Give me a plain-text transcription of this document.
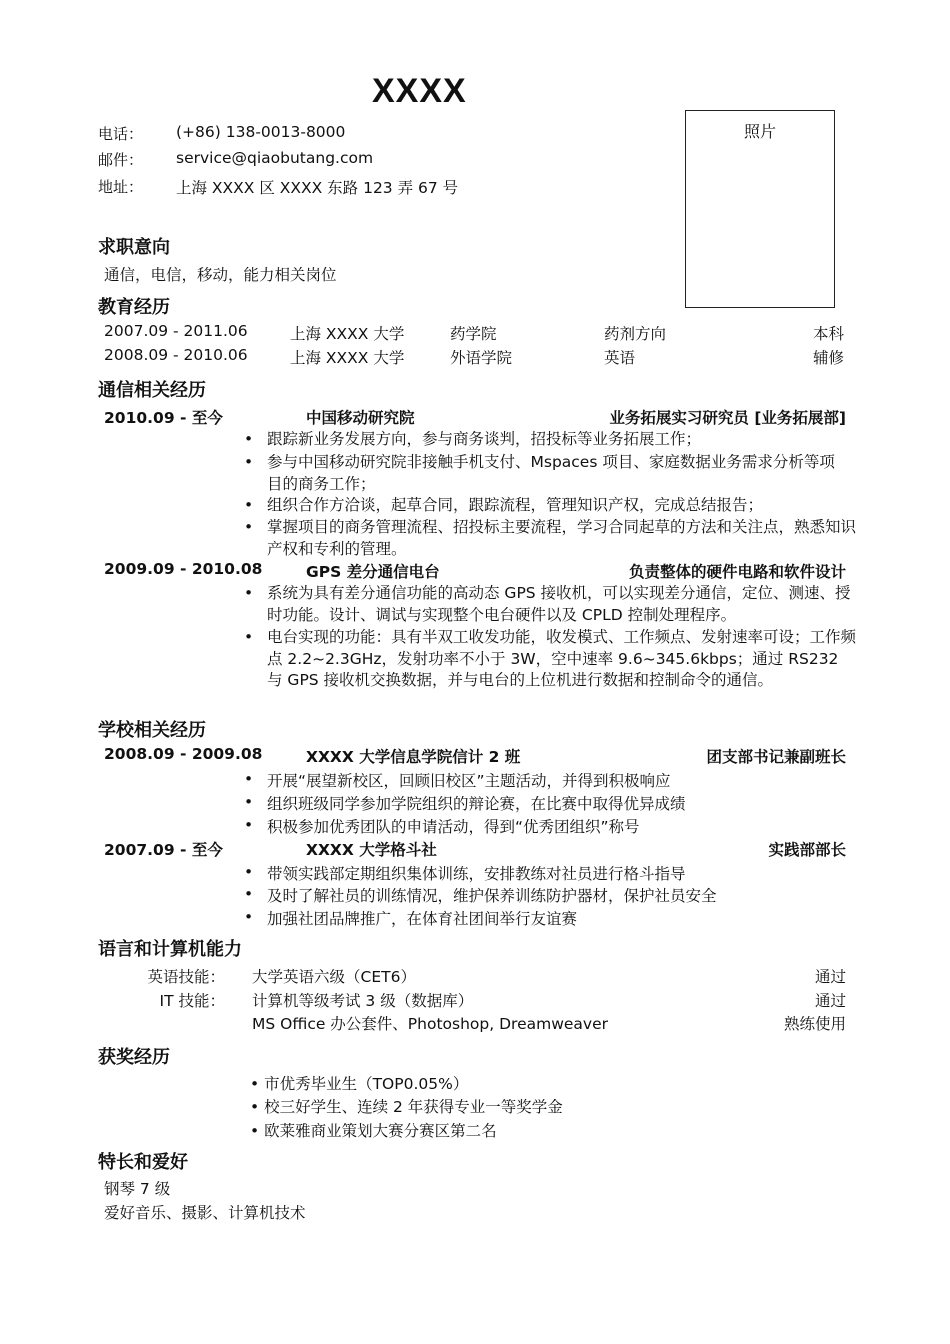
XXXX
照片
电话： (+86) 138-0013-8000
邮件： service@qiaobutang.com
地址： 上海 XXXX 区 XXXX 东路 123 弄 67 号
求职意向
通信，电信，移动，能力相关岗位
教育经历
2007.09 - 2011.06	上海 XXXX 大学	药学院	药剂方向	本科
2008.09 - 2010.06	上海 XXXX 大学	外语学院	英语	辅修
通信相关经历
2010.09 - 至今	中国移动研究院	业务拓展实习研究员 [业务拓展部]
• 跟踪新业务发展方向，参与商务谈判，招投标等业务拓展工作；
• 参与中国移动研究院非接触手机支付、Mspaces 项目、家庭数据业务需求分析等项目的商务工作；
• 组织合作方洽谈，起草合同，跟踪流程，管理知识产权，完成总结报告；
• 掌握项目的商务管理流程、招投标主要流程，学习合同起草的方法和关注点，熟悉知识产权和专利的管理。
2009.09 - 2010.08	GPS 差分通信电台	负责整体的硬件电路和软件设计
• 系统为具有差分通信功能的高动态 GPS 接收机，可以实现差分通信，定位、测速、授时功能。设计、调试与实现整个电台硬件以及 CPLD 控制处理程序。
• 电台实现的功能：具有半双工收发功能，收发模式、工作频点、发射速率可设；工作频点 2.2~2.3GHz，发射功率不小于 3W，空中速率 9.6~345.6kbps；通过 RS232 与 GPS 接收机交换数据，并与电台的上位机进行数据和控制命令的通信。
学校相关经历
2008.09 - 2009.08	XXXX 大学信息学院信计 2 班	团支部书记兼副班长
• 开展“展望新校区，回顾旧校区”主题活动，并得到积极响应
• 组织班级同学参加学院组织的辩论赛，在比赛中取得优异成绩
• 积极参加优秀团队的申请活动，得到“优秀团组织”称号
2007.09 - 至今	XXXX 大学格斗社	实践部部长
• 带领实践部定期组织集体训练，安排教练对社员进行格斗指导
• 及时了解社员的训练情况，维护保养训练防护器材，保护社员安全
• 加强社团品牌推广，在体育社团间举行友谊赛
语言和计算机能力
英语技能： 大学英语六级（CET6）	通过
IT 技能： 计算机等级考试 3 级（数据库）	通过
MS Office 办公套件、Photoshop, Dreamweaver	熟练使用
获奖经历
• 市优秀毕业生（TOP0.05%）
• 校三好学生、连续 2 年获得专业一等奖学金
• 欧莱雅商业策划大赛分赛区第二名
特长和爱好
钢琴 7 级
爱好音乐、摄影、计算机技术
